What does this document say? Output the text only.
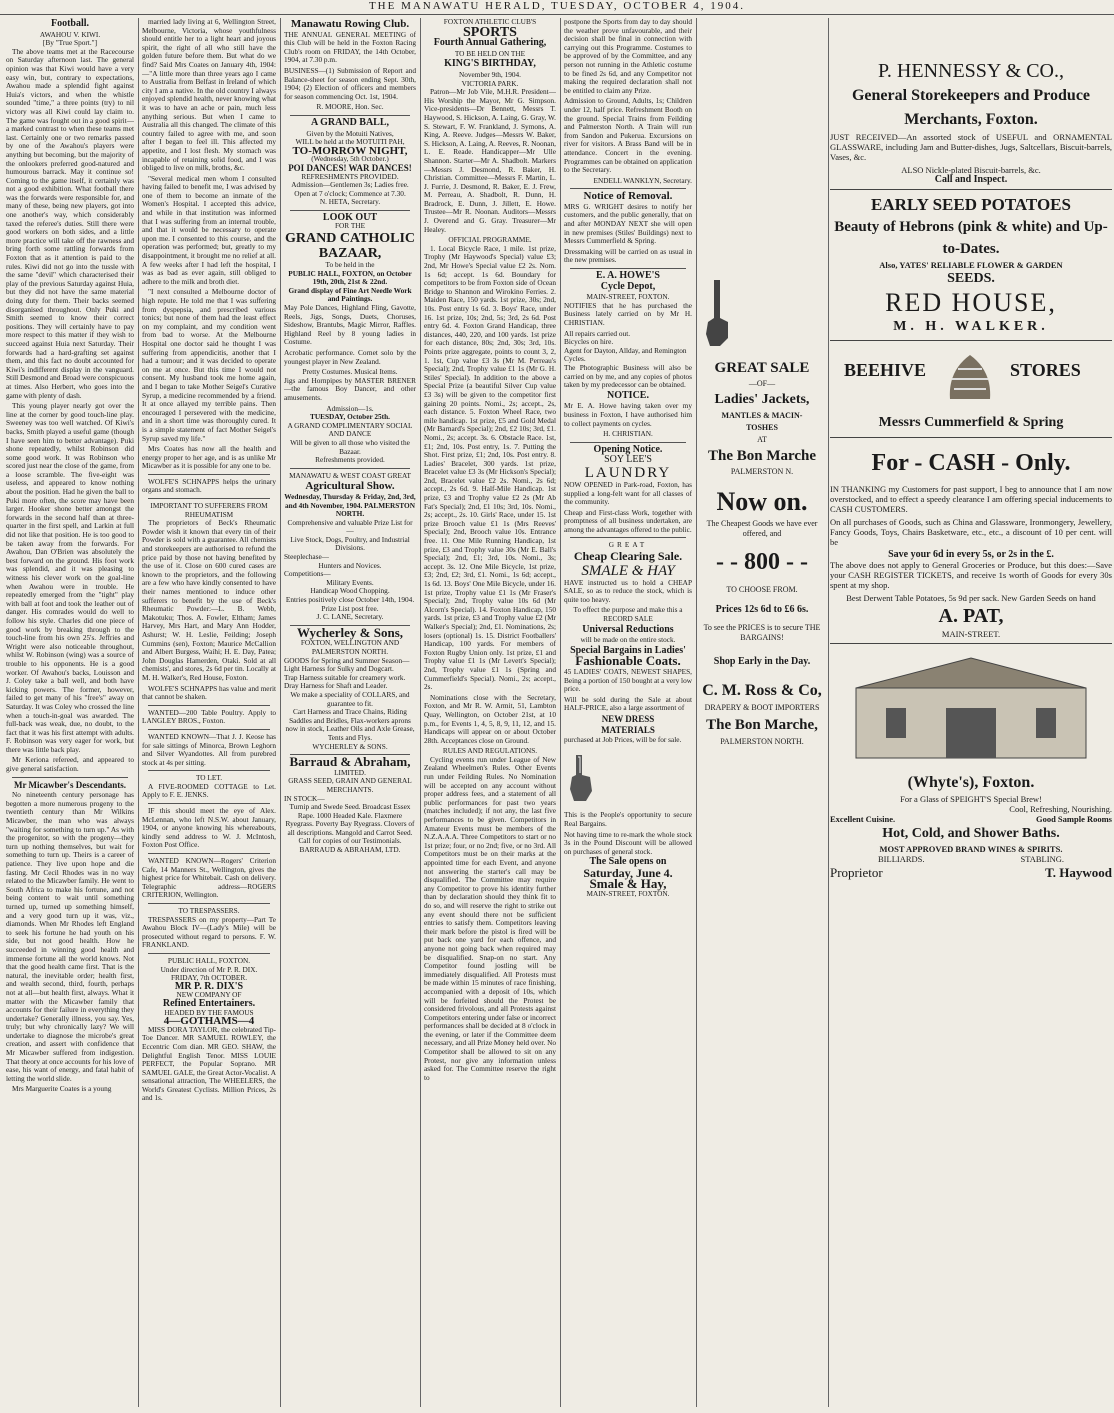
THE MANAWATU HERALD, TUESDAY, OCTOBER 4, 1904.
Football.
AWAHOU V. KIWI.
[By "True Sport."]

The above teams met at the Racecourse on Saturday afternoon last. The general opinion was that Kiwi would have a very easy win, but, contrary to expectations, Awahou made a splendid fight against Huia's victors, and when the whistle sounded "time," a three points (try) to nil victory was all Kiwi could lay claim to. The game was fought out in a good spirit—a marked contrast to when these teams met last. Certainly one or two remarks passed by one of the Awahou's players were anything but becoming, but the majority of the onlookers preferred good-natured and humourous barrack. May it continue so! Coming to the game itself, it certainly was not a good exhibition. What football there was the forwards were responsible for, and many of these, being new players, got into one another's way, which considerably taxed the referee's duties. Still there were good workers on both sides, and a little more practice will take off the rawness and bring forth some rattling forwards from Foxton that as it attention is paid to the rules. Kiwi did not go into the tussle with the same "devil" which characterised their play of the previous Saturday against Huia, but they did not have the same material doing duty for them. Their backs seemed disorganised throughout. Only Puki and Smith seemed to know their correct positions. They will certainly have to pay more respect to this matter if they wish to succeed against Huia next Saturday. Their forwards had a hard-grafting set against them, and this fact no doubt accounted for Kiwi's indifferent display in the vanguard. Still Desmond and Broad were conspicuous at times. Also Herbert, who goes into the game with plenty of dash.

This young player nearly got over the line at the corner by good touch-line play. Sweeney was too well watched. Of Kiwi's backs, Smith played a useful game (though I have seen him to better advantage). Puki shone repeatedly, whilst Robinson did some good work. It was Robinson who scored just near the close of the game, from a loose scramble. The five-eight was useless, and appeared to know nothing about the position. Had he given the ball to Puki more often, the score may have been larger. Hooker shone better amongst the forwards in the second half than at three-quarter in the first spell, and Larkin at full did not like that position. He is too good to be taken away from the forwards. For Awahou, Dan O'Brien was absolutely the best forward on the ground. His foot work was splendid, and it was pleasing to witness his clever work on the goal-line when Awahou were in trouble. He repeatedly emerged from the "tight" play with ball at foot and took the leather out of danger. His comrades would do well to follow his style. Charles did one piece of good work by breaking through to the touch-line from his own 25's. Jeffries and Wright were also noticeable throughout, whilst W. Robinson (wing) was a source of trouble to his opponents. He is a good worker. Of Awahou's backs, Louisson and J. Coley take a ball well, and both have kicking powers. The former, however, failed to get many of his "free's" away on Saturday. It was Coley who crossed the line when a touch-in-goal was awarded. The full-back was weak, due, no doubt, to the fact that it was his first attempt with adults. F. Robinson was very eager for work, but there was little back play.

Mr Keriona refereed, and appeared to give general satisfaction.

Mr Micawber's Descendants.

No nineteenth century personage has begotten a more numerous progeny to the twentieth century than Mr Wilkins Micawber, the man who was always "waiting for something to turn up." As with the progenitor, so with the progeny—they turn up nothing themselves, but wait for something to turn up. Theirs is a career of patience. They live upon hope and die fasting. Mr Cecil Rhodes was in no way related to the Micawber family. He went to South Africa to make his fortune, and not being content to wait until something turned up, turned up something himself, and a very good turn up it was, viz., diamonds. When Mr Rhodes left England to seek his fortune he had youth on his side, but not good health. How he succeeded in winning good health and immense fortune all the world knows. Not that the good health came first. That is the natural, the inevitable order; health first, and wealth second, third, fourth, perhaps not at all—but health first, always. What it matter with the Micawber family that accounts for their failure in everything they undertake? Generally illness, you say. Yes, truly; but why chronically lazy? We will undertake to diagnose the microbe's great creation, and assert with confidence that Mr Micawber suffered from indigestion. That theory at once accounts for his love of ease, his want of energy, and fatal habit of letting the world slide.

Mrs Marguerite Coates is a young

married lady living at 6, Wellington Street, Melbourne, Victoria, whose youthfulness should entitle her to a light heart and joyous spirit, the right of all who still have the golden future before them. But what do we find? Said Mrs Coates on January 4th, 1904:—"A little more than three years ago I came to Australia from Belfast in Ireland of which city I am a native. In the old country I always enjoyed splendid health, never knowing what it was to have an ache or pain, much less anything serious. But when I came to Australia all this changed. The climate of this country failed to agree with me, and soon after I began to feel ill. This affected my appetite, and I lost flesh. My stomach was incapable of retaining solid food, and I was obliged to live on milk, broths, &c.

"Several medical men whom I consulted having failed to benefit me, I was advised by one of them to become an inmate of the Women's Hospital. I accepted this advice, and while in that institution was informed that I was suffering from an internal trouble, and that it would be necessary to operate upon me. I consented to this course, and the operation was performed; but, greatly to my disappointment, it brought me no relief at all. A few weeks after I had left the hospital, I was as bad as ever again, still obliged to adhere to the milk and broth diet.

"I next consulted a Melbourne doctor of high repute. He told me that I was suffering from dyspepsia, and prescribed various tonics; but none of them had the least effect on my complaint, and my condition went from bad to worse. At the Melbourne Hospital one doctor said he thought I was suffering from appendicitis, another that I had a tumour; and it was decided to operate on me at once. But this time I would not consent. My husband took me home again, and I began to take Mother Seigel's Curative Syrup, a medicine recommended by a friend. It at once allayed my terrible pains. Then encouraged I persevered with the medicine, and in a short time was thoroughly cured. It is a simple statement of fact Mother Seigel's Syrup saved my life."

Mrs Coates has now all the health and energy proper to her age, and is as unlike Mr Micawber as it is possible for any one to be.

WOLFE'S SCHNAPPS helps the urinary organs and stomach.

IMPORTANT TO SUFFERERS FROM RHEUMATISM

The proprietors of Beck's Rheumatic Powder wish it known that every tin of their Powder is sold with a guarantee. All chemists and storekeepers are authorised to refund the price paid by those not having benefited by the use of it. Close on 600 cured cases are known to the proprietors, and the following are a few who have kindly consented to have their names mentioned to induce other sufferers to benefit by the use of Beck's Rheumatic Powder:—L. B. Webb, Makotuku; Thos. A. Fowler, Eltham; James Harvey, Mrs Hart, and Mary Ann Hodder, Ashurst; W. H. Leslie, Feilding; Joseph Cummins (sen), Foxton; Maurice McCallion and Albert Burgess, Waihi; H. E. Day, Patea; John Douglas Hamerden, Otaki. Sold at all chemists', and stores, 2s 6d per tin. Locally at M. H. Walker's, Red House, Foxton.

WOLFE'S SCHNAPPS has value and merit that cannot be shaken.

WANTED—200 Table Poultry. Apply to LANGLEY BROS., Foxton.

WANTED KNOWN—That J. J. Keose has for sale sittings of Minorca, Brown Leghorn and Silver Wyandottes. All from purebred stock at 4s per sitting.

TO LET.

A FIVE-ROOMED COTTAGE to Let. Apply to F. E. JENKS.

IF this should meet the eye of Alex. McLennan, who left N.S.W. about January, 1904, or anyone knowing his whereabouts, kindly send address to W. J. McIntosh, Foxton Post Office.

WANTED KNOWN—Rogers' Criterion Cafe, 14 Manners St., Wellington, gives the highest price for Whitebait. Cash on delivery. Telegraphic address—ROGERS CRITERION, Wellington.

TO TRESPASSERS.

TRESPASSERS on my property—Part Te Awahou Block IV—(Lady's Mile) will be prosecuted without regard to persons. F. W. FRANKLAND.

PUBLIC HALL, FOXTON.
Under direction of Mr P. R. DIX.
FRIDAY, 7th OCTOBER.
MR P. R. DIX'S
NEW COMPANY OF
Refined Entertainers.
HEADED BY THE FAMOUS
4—GOTHAMS—4

MISS DORA TAYLOR, the celebrated Tip-Toe Dancer. MR SAMUEL ROWLEY, the Eccentric Com dian. MR GEO. SHAW, the Delightful English Tenor. MISS LOUIE PERFECT, the Popular Soprano. MR SAMUEL GALE, the Great Actor-Vocalist. A sensational attraction, The WHEELERS, the World's Greatest Cyclists. Million Prices, 2s and 1s.

Manawatu Rowing Club.

THE ANNUAL GENERAL MEETING of this Club will be held in the Foxton Racing Club's room on FRIDAY, the 14th October, 1904, at 7.30 p.m.

BUSINESS—(1) Submission of Report and Balance-sheet for season ending Sept. 30th, 1904; (2) Election of officers and members for season commencing Oct. 1st, 1904.

R. MOORE, Hon. Sec.
A GRAND BALL,
Given by the Motuiti Natives,
WILL be held at the MOTUITI PAH,
TO-MORROW NIGHT,
(Wednesday, 5th October.)
POI DANCES! WAR DANCES!
REFRESHMENTS PROVIDED.
Admission—Gentlemen 3s; Ladies free.
Open at 7 o'clock; Commence at 7.30.
N. HETA, Secretary.
LOOK OUT
FOR THE
GRAND CATHOLIC BAZAAR,
To be held in the
PUBLIC HALL, FOXTON, on October 19th, 20th, 21st & 22nd.
Grand display of Fine Art Needle Work and Paintings.

May Pole Dances, Highland Fling, Gavotte, Reels, Jigs, Songs, Duets, Choruses, Sideshow, Brantubs, Magic Mirror, Raffles. Highland Reel by 8 young ladies in Costume.

Acrobatic performance. Cornet solo by the youngest player in New Zealand.

Pretty Costumes. Musical Items.

Jigs and Hornpipes by MASTER BRENER—the famous Boy Dancer, and other amusements.

Admission—1s.
TUESDAY, October 25th.
A GRAND COMPLIMENTARY SOCIAL AND DANCE
Will be given to all those who visited the Bazaar.
Refreshments provided.
MANAWATU & WEST COAST GREAT
Agricultural Show.
Wednesday, Thursday & Friday, 2nd, 3rd, and 4th November, 1904. PALMERSTON NORTH.
Comprehensive and valuable Prize List for—
Live Stock, Dogs, Poultry, and Industrial Divisions.
Steeplechase—
Hunters and Novices.
Competitions—
Military Events.
Handicap Wood Chopping.
Entries positively close October 14th, 1904.
Prize List post free.
J. C. LANE, Secretary.
Wycherley & Sons,
FOXTON, WELLINGTON AND PALMERSTON NORTH.
GOODS for Spring and Summer Season—
Light Harness for Sulky and Dogcart.
Trap Harness suitable for creamery work.
Dray Harness for Shaft and Leader.
We make a speciality of COLLARS, and guarantee to fit.
Cart Harness and Trace Chains, Riding Saddles and Bridles, Flax-workers aprons now in stock, Leather Oils and Axle Grease, Tents and Flys.
WYCHERLEY & SONS.
Barraud & Abraham,
LIMITED.
GRASS SEED, GRAIN AND GENERAL MERCHANTS.
IN STOCK—
Turnip and Swede Seed. Broadcast Essex Rape. 1000 Headed Kale. Flaxmere Ryegrass. Poverty Bay Ryegrass. Clovers of all descriptions. Mangold and Carrot Seed. Call for copies of our Testimonials.
BARRAUD & ABRAHAM, LTD.
FOXTON ATHLETIC CLUB'S
SPORTS
Fourth Annual Gathering,
TO BE HELD ON THE
KING'S BIRTHDAY,
November 9th, 1904.
VICTORIA PARK.

Patron—Mr Job Vile, M.H.R. President—His Worship the Mayor, Mr G. Simpson. Vice-presidents—Dr Bennett, Messrs T. Haywood, S. Hickson, A. Laing, G. Gray, W. S. Stewart, F. W. Frankland, J. Symons, A. King, A. Reeve. Judges—Messrs W. Baker, S. Hickson, A. Laing, A. Reeves, R. Noonan, L. E. Reade. Handicapper—Mr Ulle Shannon. Starter—Mr A. Shadbolt. Markers—Messrs J. Desmond, R. Baker, H. Christian. Committee—Messrs F. Martin, L. J. Furrie, J. Desmond, R. Baker, E. J. Frew, M. Perreau, A. Shadbolt, R. Dunn, H. Bradrock, E. Dunn, J. Jillett, E. Howe. Trustee—Mr R. Noonan. Auditors—Messrs J. Overend and G. Gray. Treasurer—Mr Healey.

OFFICIAL PROGRAMME.

1. Local Bicycle Race, 1 mile. 1st prize, Trophy (Mr Haywood's Special) value £3; 2nd, Mr Howe's Special value £2 2s. Nom. 1s 6d; accept. 1s 6d. Boundary for competitors to be from Foxton side of Ocean Bridge to Shannon and Wirokino Ferries. 2. Maiden Race, 150 yards. 1st prize, 30s; 2nd, 10s. Post entry 1s 6d. 3. Boys' Race, under 16. 1st prize, 10s; 2nd, 5s; 3rd, 2s 6d. Post entry 6d. 4. Foxton Grand Handicap, three distances, 440, 220, and 100 yards. 1st prize for each distance, 80s; 2nd, 30s; 3rd, 10s. Points prize aggregate, points to count 3, 2, 1. 1st, Cup value £3 3s (Mr M. Perreau's Special); 2nd, Trophy value £1 1s (Mr G. H. Stiles' Special). In addition to the above a Special Prize (a beautiful Silver Cup value £3 3s) will be given to the competitor first gaining 20 points. Nomi., 2s; accept., 2s, each distance. 5. Foxton Wheel Race, two mile handicap. 1st prize, £5 and Gold Medal (Mr Barnard's Special); 2nd, £2 10s; 3rd, £1. Nomi., 2s; accept. 3s. 6. Obstacle Race. 1st, £1; 2nd, 10s. Post entry, 1s. 7. Putting the Shot. First prize, £1; 2nd, 10s. Post entry. 8. Ladies' Bracelet, 300 yards. 1st prize, Bracelet value £3 3s (Mr Hickson's Special); 2nd, Bracelet value £2 2s. Nomi., 2s 6d; accept., 2s 6d. 9. Half-Mile Handicap. 1st prize, £3 and Trophy value £2 2s (Mr Ab Fat's Special); 2nd, £1 10s; 3rd, 10s. Nomi., 2s; accept., 2s. 10. Girls' Race, under 15. 1st prize Brooch value £1 1s (Mrs Reeves' Special); 2nd, Brooch value 10s. Entrance free. 11. One Mile Running Handicap, 1st prize, £3 and Trophy value 30s (Mr E. Ball's Special); 2nd, £1; 3rd, 10s. Nomi., 3s; accept. 3s. 12. One Mile Bicycle, 1st prize, £3; 2nd, £2; 3rd, £1. Nomi., 1s 6d; accept., 1s 6d. 13. Boys' One Mile Bicycle, under 16. 1st prize, Trophy value £1 1s (Mr Fraser's Special); 2nd, Trophy value 10s 6d (Mr Alcorn's Special). 14. Foxton Handicap, 150 yards. 1st prize, £3 and Trophy value £2 (Mr Walker's Special); 2nd, £1. Nominations, 2s; losers (optional) 1s. 15. District Footballers' Handicap, 100 yards. For members of Foxton Rugby Union only. 1st prize, £1 and Trophy value £1 1s (Mr Levett's Special); 2nd, Trophy value £1 1s (Spring and Cummerfield's Special). Nomi., 2s; accept., 2s.

Nominations close with the Secretary, Foxton, and Mr R. W. Armit, 51, Lambton Quay, Wellington, on October 21st, at 10 p.m., for Events 1, 4, 5, 8, 9, 11, 12, and 15. Handicaps will appear on or about October 28th. Acceptances close on Ground.

RULES AND REGULATIONS.

Cycling events run under League of New Zealand Wheelmen's Rules. Other Events run under Feilding Rules. No Nomination will be accepted on any account without proper address fees, and a statement of all public performances for past two years (matches included); if not any, the last five performances to be given. Competitors in Amateur Events must be members of the N.Z.A.A.A. Three Competitors to start or no 1st prize; four, or no 2nd; five, or no 3rd. All Competitors must be on their marks at the appointed time for each Event, and anyone not answering the starter's call may be disqualified. The Committee may require any Competitor to prove his identity further than by declaration should they think fit to do so, and will reserve the right to strike out any event should there not be sufficient entries to satisfy them. Competitors leaving their mark before the pistol is fired will be put back one yard for each offence, and anyone not going back when required may be disqualified. Snap-on no start. Any Competitor found jostling will be immediately disqualified. All Protests must be made within 15 minutes of race finishing, accompanied with a deposit of 10s, which will be forfeited should the Protest be considered frivolous, and all Protests against Competitors entering under false or incorrect performances shall be decided at 8 o'clock in the evening, or later if the Committee deem necessary, and all Prize Money held over. No Competitor shall be allowed to sit on any Protest, nor give any information unless asked for. The Committee reserve the right to

postpone the Sports from day to day should the weather prove unfavourable, and their decision shall be final in connection with carrying out this Programme. Costumes to be approved of by the Committee, and any person not running in the Athletic costume to be fined 2s 6d, and any Competitor not making the required declaration shall not be entitled to claim any Prize.

Admission to Ground, Adults, 1s; Children under 12, half price. Refreshment Booth on the ground. Special Trains from Feilding and Palmerston North. A Train will run from Sandon and Pukerua. Excursions on river for visitors. A Brass Band will be in attendance. Concert in the evening. Programmes can be obtained on application to the Secretary.

ENDELL WANKLYN, Secretary.
Notice of Removal.

MRS G. WRIGHT desires to notify her customers, and the public generally, that on and after MONDAY NEXT she will open in new premises (Stiles' Buildings) next to Messrs Cummerfield & Spring.

Dressmaking will be carried on as usual in the new premises.

E. A. HOWE'S
Cycle Depot,
MAIN-STREET, FOXTON.

NOTIFIES that he has purchased the Business lately carried on by Mr H. CHRISTIAN.

All repairs carried out.
Bicycles on hire.
Agent for Dayton, Allday, and Remington Cycles.

The Photographic Business will also be carried on by me, and any copies of photos taken by my predecessor can be obtained.

NOTICE.

Mr E. A. Howe having taken over my business in Foxton, I have authorised him to collect payments on cycles.

H. CHRISTIAN.
Opening Notice.
SOY LEE'S
LAUNDRY

NOW OPENED in Park-road, Foxton, has supplied a long-felt want for all classes of the community.

Cheap and First-class Work, together with promptness of all business undertaken, are among the advantages offered to the public.

GREAT
Cheap Clearing Sale.
SMALE & HAY

HAVE instructed us to hold a CHEAP SALE, so as to reduce the stock, which is quite too heavy.

To effect the purpose and make this a RECORD SALE
Universal Reductions
will be made on the entire stock.
Special Bargains in Ladies'
Fashionable Coats.

45 LADIES' COATS, NEWEST SHAPES, Being a portion of 150 bought at a very low price.

Will be sold during the Sale at about HALF-PRICE, also a large assortment of

NEW DRESS
MATERIALS

purchased at Job Prices, will be for sale.

This is the People's opportunity to secure Real Bargains.

Not having time to re-mark the whole stock 3s in the Pound Discount will be allowed on purchases of general stock.

The Sale opens on
Saturday, June 4.
Smale & Hay,
MAIN-STREET, FOXTON.
GREAT SALE
—OF—
Ladies' Jackets,
MANTLES & MACIN-
TOSHES
AT
The Bon Marche
PALMERSTON N.
Now on.
The Cheapest Goods we have ever offered, and
- - 800 - -
TO CHOOSE FROM.
Prices 12s 6d to £6 6s.
To see the PRICES is to secure THE BARGAINS!
Shop Early in the Day.
C. M. Ross & Co,
DRAPERY & BOOT IMPORTERS
The Bon Marche,
PALMERSTON NORTH.
P. HENNESSY & CO.,
General Storekeepers and Produce Merchants, Foxton.

JUST RECEIVED—An assorted stock of USEFUL and ORNAMENTAL GLASSWARE, including Jam and Butter-dishes, Jugs, Saltcellars, Biscuit-barrels, Vases, &c.

ALSO Nickle-plated Biscuit-barrels, &c.
Call and Inspect.
EARLY SEED POTATOES
Beauty of Hebrons (pink & white) and Up-to-Dates.
Also, YATES' RELIABLE FLOWER & GARDEN
SEEDS.
RED HOUSE,
M. H. WALKER.
BEEHIVE	STORES
Messrs Cummerfield & Spring
For - CASH - Only.

IN THANKING my Customers for past support, I beg to announce that I am now overstocked, and to effect a speedy clearance I am offering special inducements to CASH CUSTOMERS.

On all purchases of Goods, such as China and Glassware, Ironmongery, Jewellery, Fancy Goods, Toys, Chairs Basketware, etc., etc., a discount of 10 per cent. will be

Save your 6d in every 5s, or 2s in the £.

The above does not apply to General Groceries or Produce, but this does:—Save your CASH REGISTER TICKETS, and receive 1s worth of Goods for every 30s spent at my shop.

Best Derwent Table Potatoes, 5s 9d per sack. New Garden Seeds on hand
A. PAT,
MAIN-STREET.
(Whyte's), Foxton.
For a Glass of SPEIGHT'S Special Brew!
Cool, Refreshing, Nourishing.
Excellent Cuisine.	Good Sample Rooms
Hot, Cold, and Shower Baths.
MOST APPROVED BRAND WINES & SPIRITS.
BILLIARDS.	STABLING.
Proprietor	T. Haywood
